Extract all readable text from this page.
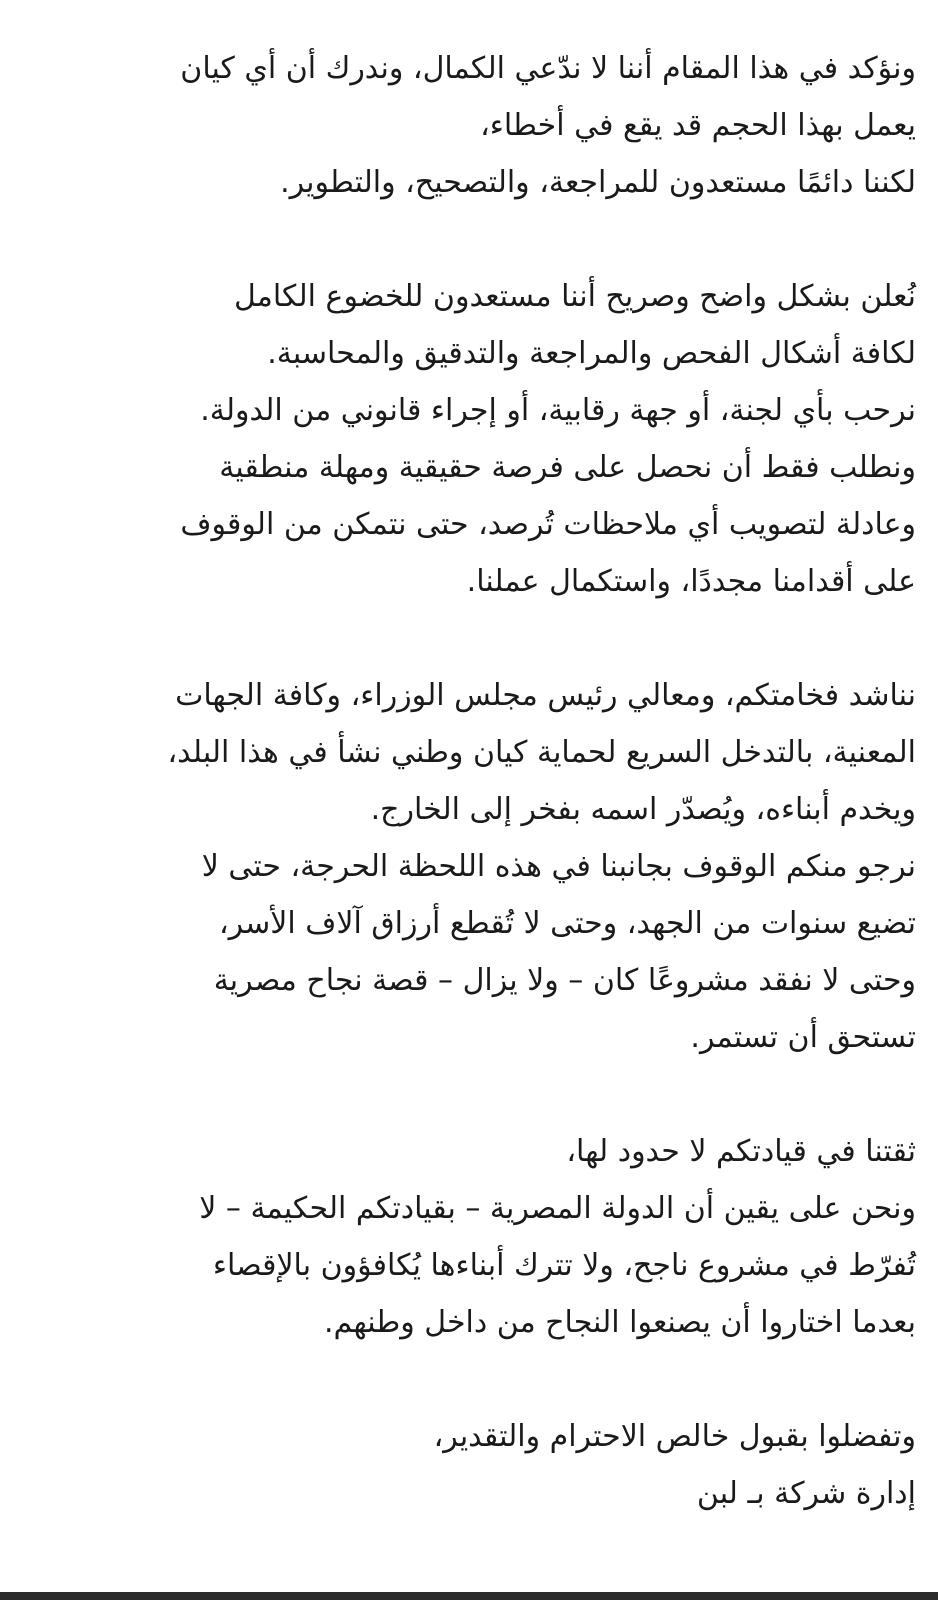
ونؤكد في هذا المقام أننا لا ندّعي الكمال، وندرك أن أي كيان
يعمل بهذا الحجم قد يقع في أخطاء،
لكننا دائمًا مستعدون للمراجعة، والتصحيح، والتطوير.
نُعلن بشكل واضح وصريح أننا مستعدون للخضوع الكامل
لكافة أشكال الفحص والمراجعة والتدقيق والمحاسبة.
نرحب بأي لجنة، أو جهة رقابية، أو إجراء قانوني من الدولة.
ونطلب فقط أن نحصل على فرصة حقيقية ومهلة منطقية
وعادلة لتصويب أي ملاحظات تُرصد، حتى نتمكن من الوقوف
على أقدامنا مجددًا، واستكمال عملنا.
نناشد فخامتكم، ومعالي رئيس مجلس الوزراء، وكافة الجهات
المعنية، بالتدخل السريع لحماية كيان وطني نشأ في هذا البلد،
ويخدم أبناءه، ويُصدّر اسمه بفخر إلى الخارج.
نرجو منكم الوقوف بجانبنا في هذه اللحظة الحرجة، حتى لا
تضيع سنوات من الجهد، وحتى لا تُقطع أرزاق آلاف الأسر،
وحتى لا نفقد مشروعًا كان – ولا يزال – قصة نجاح مصرية
تستحق أن تستمر.
ثقتنا في قيادتكم لا حدود لها،
ونحن على يقين أن الدولة المصرية – بقيادتكم الحكيمة – لا
تُفرّط في مشروع ناجح، ولا تترك أبناءها يُكافؤون بالإقصاء
بعدما اختاروا أن يصنعوا النجاح من داخل وطنهم.
وتفضلوا بقبول خالص الاحترام والتقدير،
إدارة شركة بـ لبن
